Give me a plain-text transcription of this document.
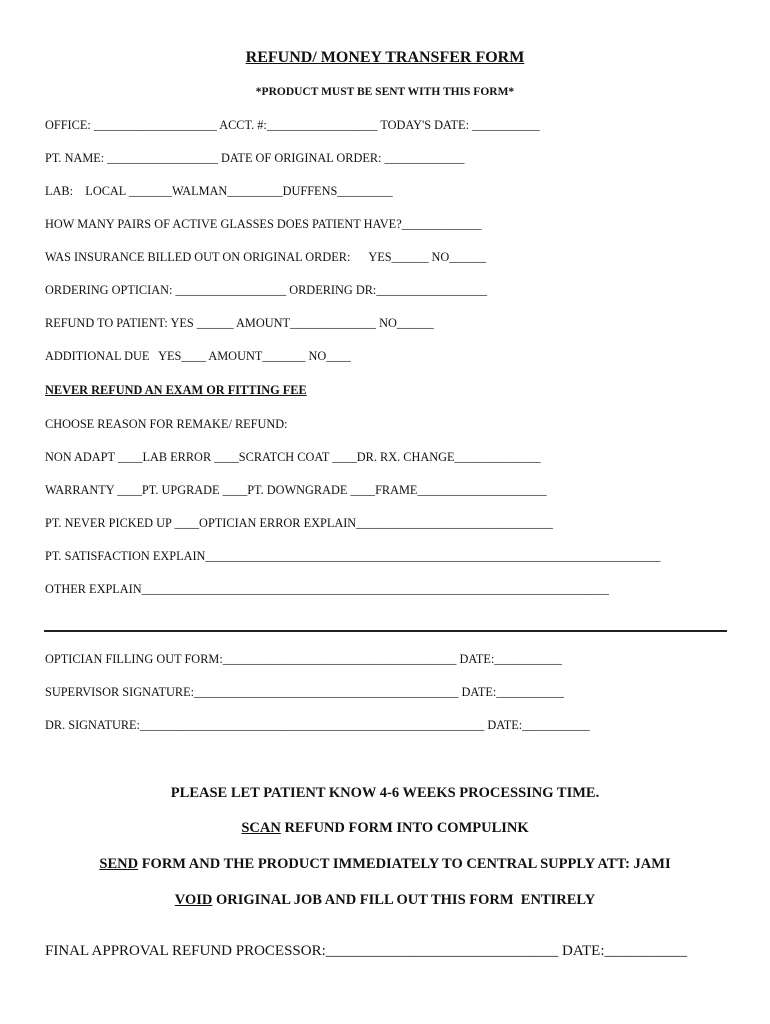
REFUND/ MONEY TRANSFER FORM
*PRODUCT MUST BE SENT WITH THIS FORM*
OFFICE: ____________________ ACCT. #:__________________ TODAY'S DATE: ___________
PT. NAME: __________________ DATE OF ORIGINAL ORDER: _____________
LAB:    LOCAL _______WALMAN_________DUFFENS_________
HOW MANY PAIRS OF ACTIVE GLASSES DOES PATIENT HAVE?_____________
WAS INSURANCE BILLED OUT ON ORIGINAL ORDER:      YES______ NO______
ORDERING OPTICIAN: __________________ ORDERING DR:__________________
REFUND TO PATIENT: YES ______ AMOUNT______________ NO______
ADDITIONAL DUE   YES____ AMOUNT_______ NO____
NEVER REFUND AN EXAM OR FITTING FEE
CHOOSE REASON FOR REMAKE/ REFUND:
NON ADAPT ____LAB ERROR ____SCRATCH COAT ____DR. RX. CHANGE______________
WARRANTY ____PT. UPGRADE ____PT. DOWNGRADE ____FRAME_____________________
PT. NEVER PICKED UP ____OPTICIAN ERROR EXPLAIN________________________________
PT. SATISFACTION EXPLAIN__________________________________________________________________________
OTHER EXPLAIN____________________________________________________________________________
OPTICIAN FILLING OUT FORM:______________________________________ DATE:___________
SUPERVISOR SIGNATURE:___________________________________________ DATE:___________
DR. SIGNATURE:________________________________________________________ DATE:___________
PLEASE LET PATIENT KNOW 4-6 WEEKS PROCESSING TIME.
SCAN REFUND FORM INTO COMPULINK
SEND FORM AND THE PRODUCT IMMEDIATELY TO CENTRAL SUPPLY ATT: JAMI
VOID ORIGINAL JOB AND FILL OUT THIS FORM  ENTIRELY
FINAL APPROVAL REFUND PROCESSOR:_______________________________ DATE:___________
